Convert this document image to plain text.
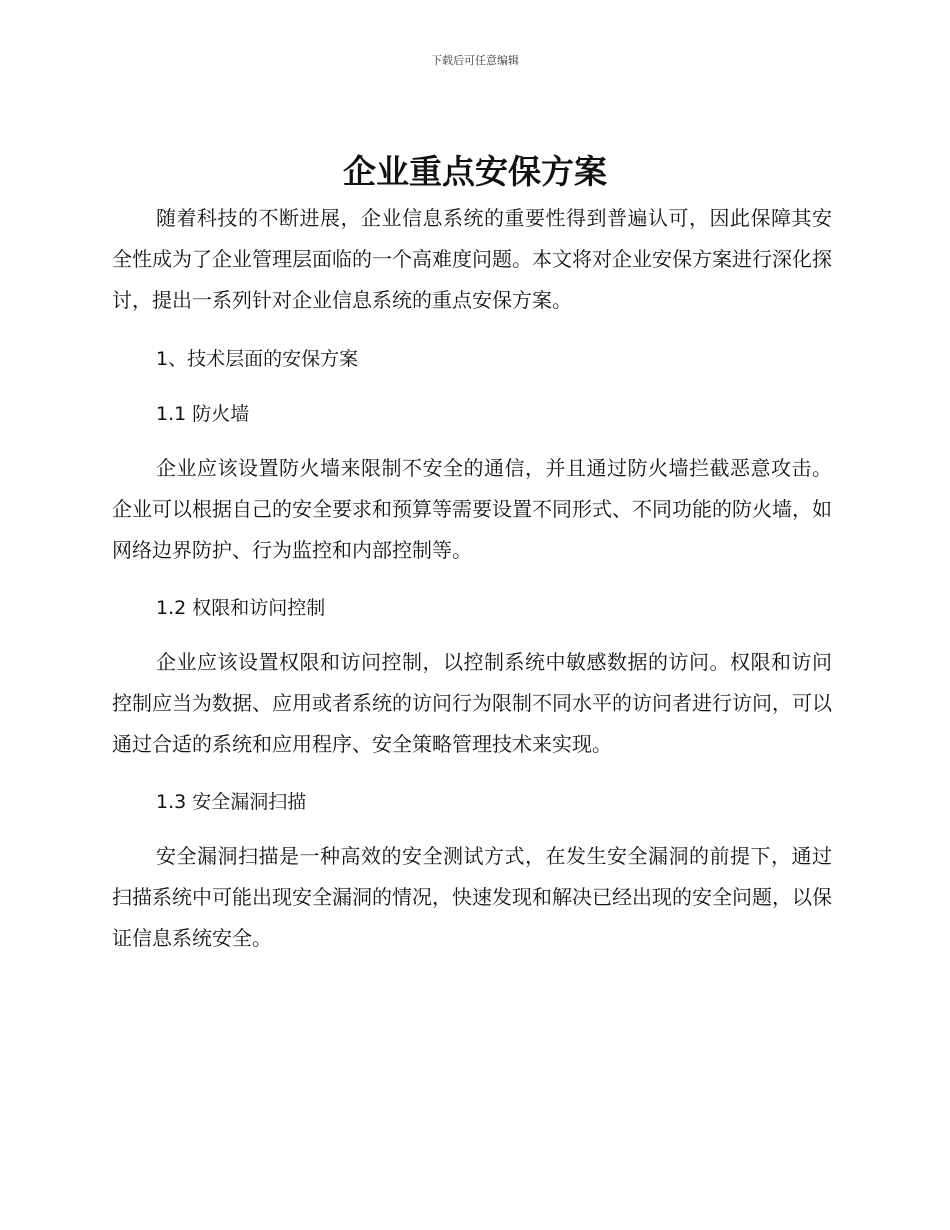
下载后可任意编辑
企业重点安保方案

随着科技的不断进展，企业信息系统的重要性得到普遍认可，因此保障其安全性成为了企业管理层面临的一个高难度问题。本文将对企业安保方案进行深化探讨，提出一系列针对企业信息系统的重点安保方案。

1、技术层面的安保方案
1.1 防火墙

企业应该设置防火墙来限制不安全的通信，并且通过防火墙拦截恶意攻击。企业可以根据自己的安全要求和预算等需要设置不同形式、不同功能的防火墙，如网络边界防护、行为监控和内部控制等。

1.2 权限和访问控制

企业应该设置权限和访问控制，以控制系统中敏感数据的访问。权限和访问控制应当为数据、应用或者系统的访问行为限制不同水平的访问者进行访问，可以通过合适的系统和应用程序、安全策略管理技术来实现。

1.3 安全漏洞扫描

安全漏洞扫描是一种高效的安全测试方式，在发生安全漏洞的前提下，通过扫描系统中可能出现安全漏洞的情况，快速发现和解决已经出现的安全问题，以保证信息系统安全。
